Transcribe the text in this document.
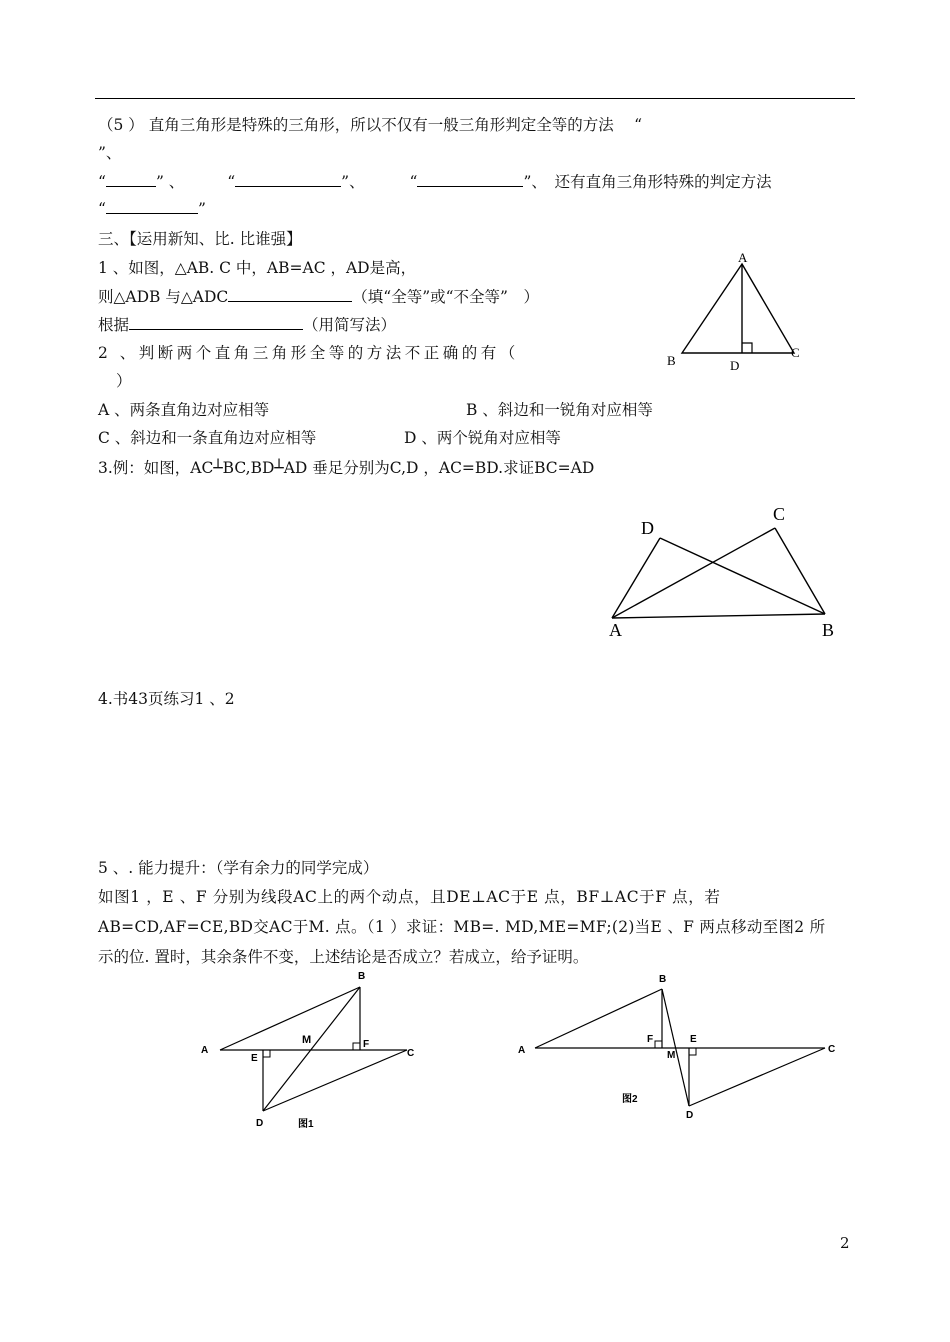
（5 ） 直角三角形是特殊的三角形，所以不仅有一般三角形判定全等的方法　 “
”、
“	” 、	“	”、	“	”、　还有直角三角形特殊的判定方法
“	”
三、【运用新知、比. 比谁强】
1 、如图，△AB. C 中，AB=AC ，AD是高，
则△ADB 与△ADC	（填“全等”或“不全等”　）
根据	（用简写法）
2 、判断两个直角三角形全等的方法不正确的有（
）
A 、两条直角边对应相等	B 、斜边和一锐角对应相等
C 、斜边和一条直角边对应相等	D 、两个锐角对应相等
3.例：如图，AC┴BC,BD┴AD 垂足分别为C,D ，AC=BD.求证BC=AD
4.书43页练习1 、2
5 、. 能力提升：（学有余力的同学完成）
如图1 ，E 、F 分别为线段AC上的两个动点，且DE⊥AC于E 点，BF⊥AC于F 点，若
AB=CD,AF=CE,BD交AC于M. 点。（1 ）求证：MB=. MD,ME=MF;(2)当E 、F 两点移动至图2 所
示的位. 置时，其余条件不变，上述结论是否成立？若成立，给予证明。
A
B
C
D
D
C
A	B
A
B
C
D
E
F
M
图1
A
B
C
D
E
F
M
图2
2
